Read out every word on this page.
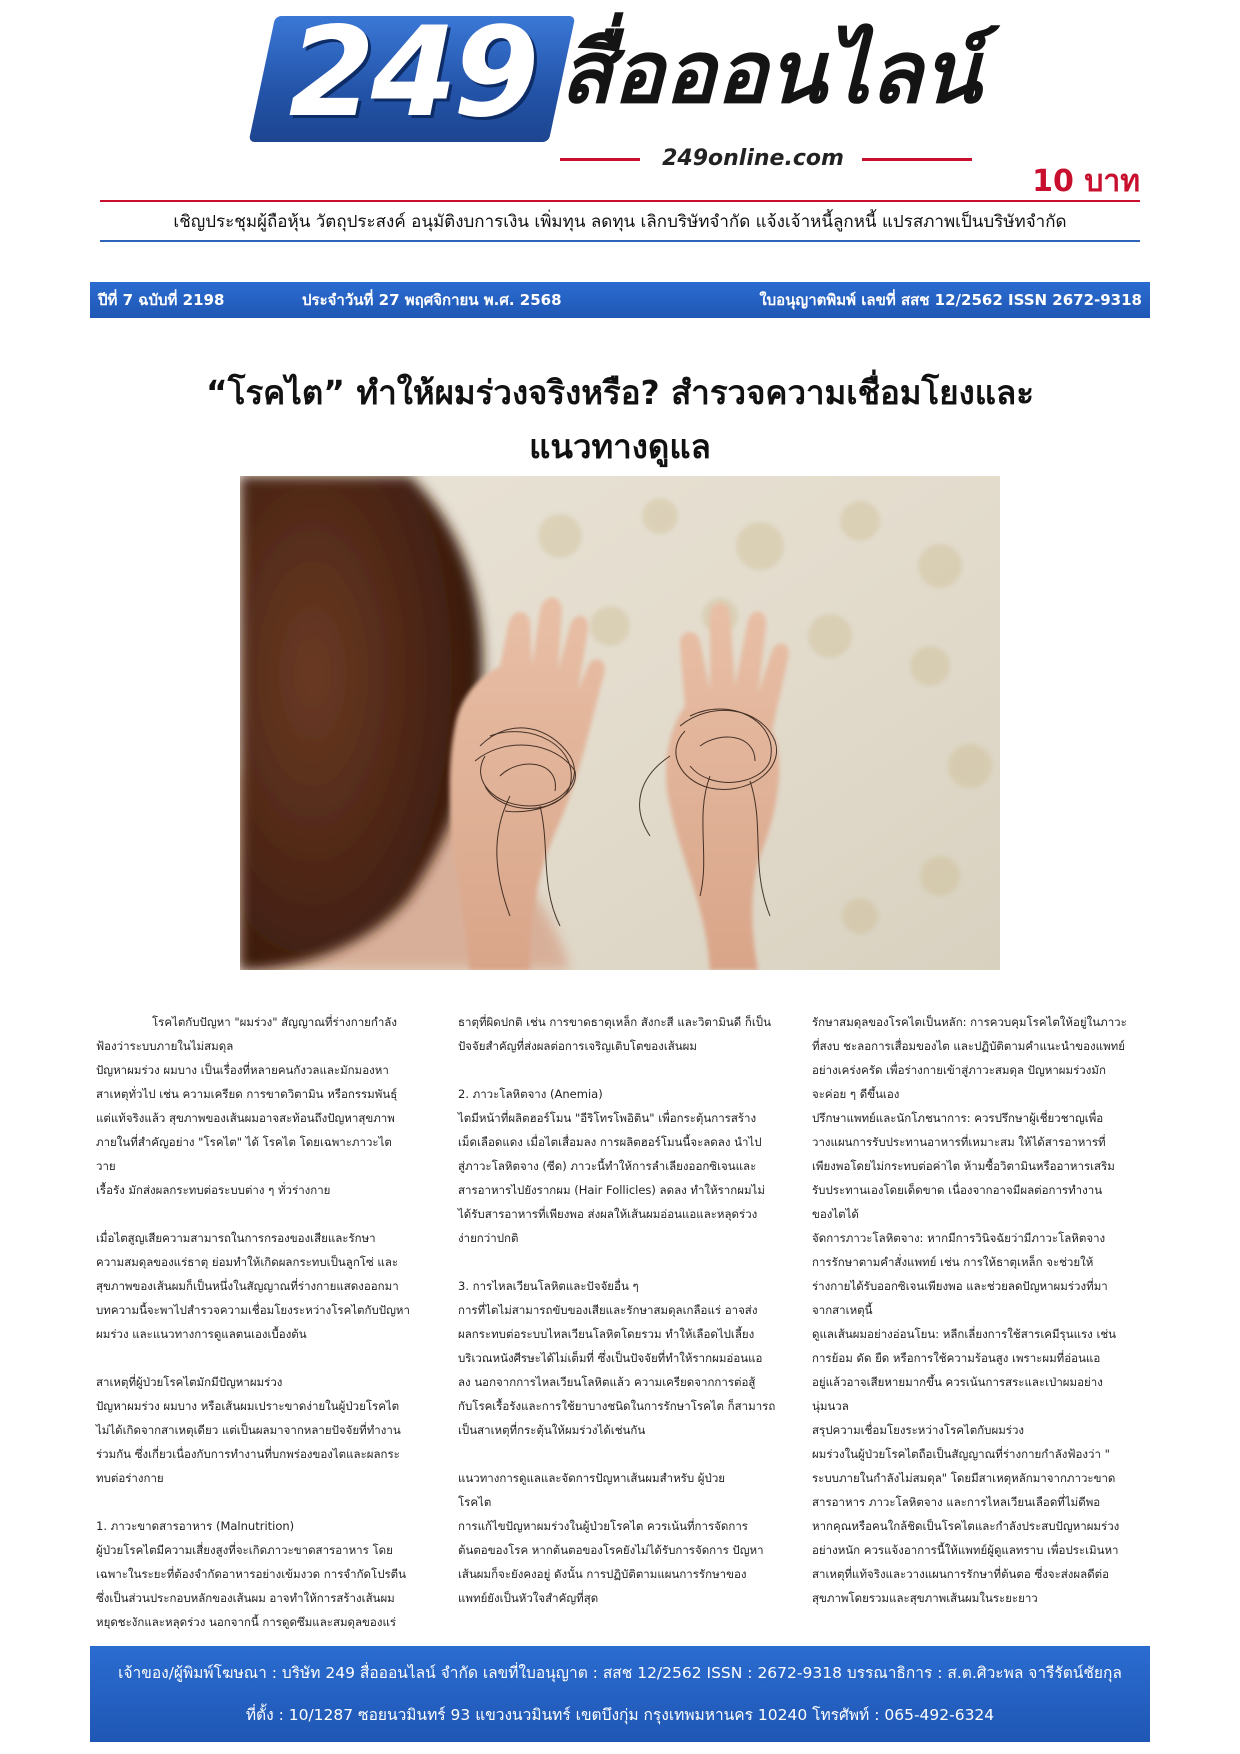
249 สื่อออนไลน์
249online.com
10 บาท
เชิญประชุมผู้ถือหุ้น วัตถุประสงค์ อนุมัติงบการเงิน เพิ่มทุน ลดทุน เลิกบริษัทจำกัด แจ้งเจ้าหนี้ลูกหนี้ แปรสภาพเป็นบริษัทจำกัด
ปีที่ 7 ฉบับที่ 2198	ประจำวันที่ 27 พฤศจิกายน พ.ศ. 2568	ใบอนุญาตพิมพ์ เลขที่ สสช 12/2562 ISSN 2672-9318
“โรคไต” ทำให้ผมร่วงจริงหรือ? สำรวจความเชื่อมโยงและ
แนวทางดูแล

โรคไตกับปัญหา "ผมร่วง" สัญญาณที่ร่างกายกำลัง

ฟ้องว่าระบบภายในไม่สมดุล

ปัญหาผมร่วง ผมบาง เป็นเรื่องที่หลายคนกังวลและมักมองหา

สาเหตุทั่วไป เช่น ความเครียด การขาดวิตามิน หรือกรรมพันธุ์

แต่แท้จริงแล้ว สุขภาพของเส้นผมอาจสะท้อนถึงปัญหาสุขภาพ

ภายในที่สำคัญอย่าง "โรคไต" ได้ โรคไต โดยเฉพาะภาวะไตวาย

เรื้อรัง มักส่งผลกระทบต่อระบบต่าง ๆ ทั่วร่างกาย

เมื่อไตสูญเสียความสามารถในการกรองของเสียและรักษา

ความสมดุลของแร่ธาตุ ย่อมทำให้เกิดผลกระทบเป็นลูกโซ่ และ

สุขภาพของเส้นผมก็เป็นหนึ่งในสัญญาณที่ร่างกายแสดงออกมา

บทความนี้จะพาไปสำรวจความเชื่อมโยงระหว่างโรคไตกับปัญหา

ผมร่วง และแนวทางการดูแลตนเองเบื้องต้น

สาเหตุที่ผู้ป่วยโรคไตมักมีปัญหาผมร่วง

ปัญหาผมร่วง ผมบาง หรือเส้นผมเปราะขาดง่ายในผู้ป่วยโรคไต

ไม่ได้เกิดจากสาเหตุเดียว แต่เป็นผลมาจากหลายปัจจัยที่ทำงาน

ร่วมกัน ซึ่งเกี่ยวเนื่องกับการทำงานที่บกพร่องของไตและผลกระ

ทบต่อร่างกาย

1. ภาวะขาดสารอาหาร (Malnutrition)

ผู้ป่วยโรคไตมีความเสี่ยงสูงที่จะเกิดภาวะขาดสารอาหาร โดย

เฉพาะในระยะที่ต้องจำกัดอาหารอย่างเข้มงวด การจำกัดโปรตีน

ซึ่งเป็นส่วนประกอบหลักของเส้นผม อาจทำให้การสร้างเส้นผม

หยุดชะงักและหลุดร่วง นอกจากนี้ การดูดซึมและสมดุลของแร่

ธาตุที่ผิดปกติ เช่น การขาดธาตุเหล็ก สังกะสี และวิตามินดี ก็เป็น

ปัจจัยสำคัญที่ส่งผลต่อการเจริญเติบโตของเส้นผม

2. ภาวะโลหิตจาง (Anemia)

ไตมีหน้าที่ผลิตฮอร์โมน "อีริโทรโพอิติน" เพื่อกระตุ้นการสร้าง

เม็ดเลือดแดง เมื่อไตเสื่อมลง การผลิตฮอร์โมนนี้จะลดลง นำไป

สู่ภาวะโลหิตจาง (ซีด) ภาวะนี้ทำให้การลำเลียงออกซิเจนและ

สารอาหารไปยังรากผม (Hair Follicles) ลดลง ทำให้รากผมไม่

ได้รับสารอาหารที่เพียงพอ ส่งผลให้เส้นผมอ่อนแอและหลุดร่วง

ง่ายกว่าปกติ

3. การไหลเวียนโลหิตและปัจจัยอื่น ๆ

การที่ไตไม่สามารถขับของเสียและรักษาสมดุลเกลือแร่ อาจส่ง

ผลกระทบต่อระบบไหลเวียนโลหิตโดยรวม ทำให้เลือดไปเลี้ยง

บริเวณหนังศีรษะได้ไม่เต็มที่ ซึ่งเป็นปัจจัยที่ทำให้รากผมอ่อนแอ

ลง นอกจากการไหลเวียนโลหิตแล้ว ความเครียดจากการต่อสู้

กับโรคเรื้อรังและการใช้ยาบางชนิดในการรักษาโรคไต ก็สามารถ

เป็นสาเหตุที่กระตุ้นให้ผมร่วงได้เช่นกัน

แนวทางการดูแลและจัดการปัญหาเส้นผมสำหรับ ผู้ป่วย

โรคไต

การแก้ไขปัญหาผมร่วงในผู้ป่วยโรคไต ควรเน้นที่การจัดการ

ต้นตอของโรค หากต้นตอของโรคยังไม่ได้รับการจัดการ ปัญหา

เส้นผมก็จะยังคงอยู่ ดังนั้น การปฏิบัติตามแผนการรักษาของ

แพทย์ยังเป็นหัวใจสำคัญที่สุด

รักษาสมดุลของโรคไตเป็นหลัก: การควบคุมโรคไตให้อยู่ในภาวะ

ที่สงบ ชะลอการเสื่อมของไต และปฏิบัติตามคำแนะนำของแพทย์

อย่างเคร่งครัด เพื่อร่างกายเข้าสู่ภาวะสมดุล ปัญหาผมร่วงมัก

จะค่อย ๆ ดีขึ้นเอง

ปรึกษาแพทย์และนักโภชนาการ: ควรปรึกษาผู้เชี่ยวชาญเพื่อ

วางแผนการรับประทานอาหารที่เหมาะสม ให้ได้สารอาหารที่

เพียงพอโดยไม่กระทบต่อค่าไต ห้ามซื้อวิตามินหรืออาหารเสริม

รับประทานเองโดยเด็ดขาด เนื่องจากอาจมีผลต่อการทำงาน

ของไตได้

จัดการภาวะโลหิตจาง: หากมีการวินิจฉัยว่ามีภาวะโลหิตจาง

การรักษาตามคำสั่งแพทย์ เช่น การให้ธาตุเหล็ก จะช่วยให้

ร่างกายได้รับออกซิเจนเพียงพอ และช่วยลดปัญหาผมร่วงที่มา

จากสาเหตุนี้

ดูแลเส้นผมอย่างอ่อนโยน: หลีกเลี่ยงการใช้สารเคมีรุนแรง เช่น

การย้อม ดัด ยืด หรือการใช้ความร้อนสูง เพราะผมที่อ่อนแอ

อยู่แล้วอาจเสียหายมากขึ้น ควรเน้นการสระและเป่าผมอย่าง

นุ่มนวล

สรุปความเชื่อมโยงระหว่างโรคไตกับผมร่วง

ผมร่วงในผู้ป่วยโรคไตถือเป็นสัญญาณที่ร่างกายกำลังฟ้องว่า "

ระบบภายในกำลังไม่สมดุล" โดยมีสาเหตุหลักมาจากภาวะขาด

สารอาหาร ภาวะโลหิตจาง และการไหลเวียนเลือดที่ไม่ดีพอ

หากคุณหรือคนใกล้ชิดเป็นโรคไตและกำลังประสบปัญหาผมร่วง

อย่างหนัก ควรแจ้งอาการนี้ให้แพทย์ผู้ดูแลทราบ เพื่อประเมินหา

สาเหตุที่แท้จริงและวางแผนการรักษาที่ต้นตอ ซึ่งจะส่งผลดีต่อ

สุขภาพโดยรวมและสุขภาพเส้นผมในระยะยาว

เจ้าของ/ผู้พิมพ์โฆษณา : บริษัท 249 สื่อออนไลน์ จำกัด เลขที่ใบอนุญาต : สสช 12/2562 ISSN : 2672-9318 บรรณาธิการ : ส.ต.ศิวะพล จารีรัตน์ชัยกุล
ที่ตั้ง : 10/1287 ซอยนวมินทร์ 93 แขวงนวมินทร์ เขตบึงกุ่ม กรุงเทพมหานคร 10240 โทรศัพท์ : 065-492-6324
